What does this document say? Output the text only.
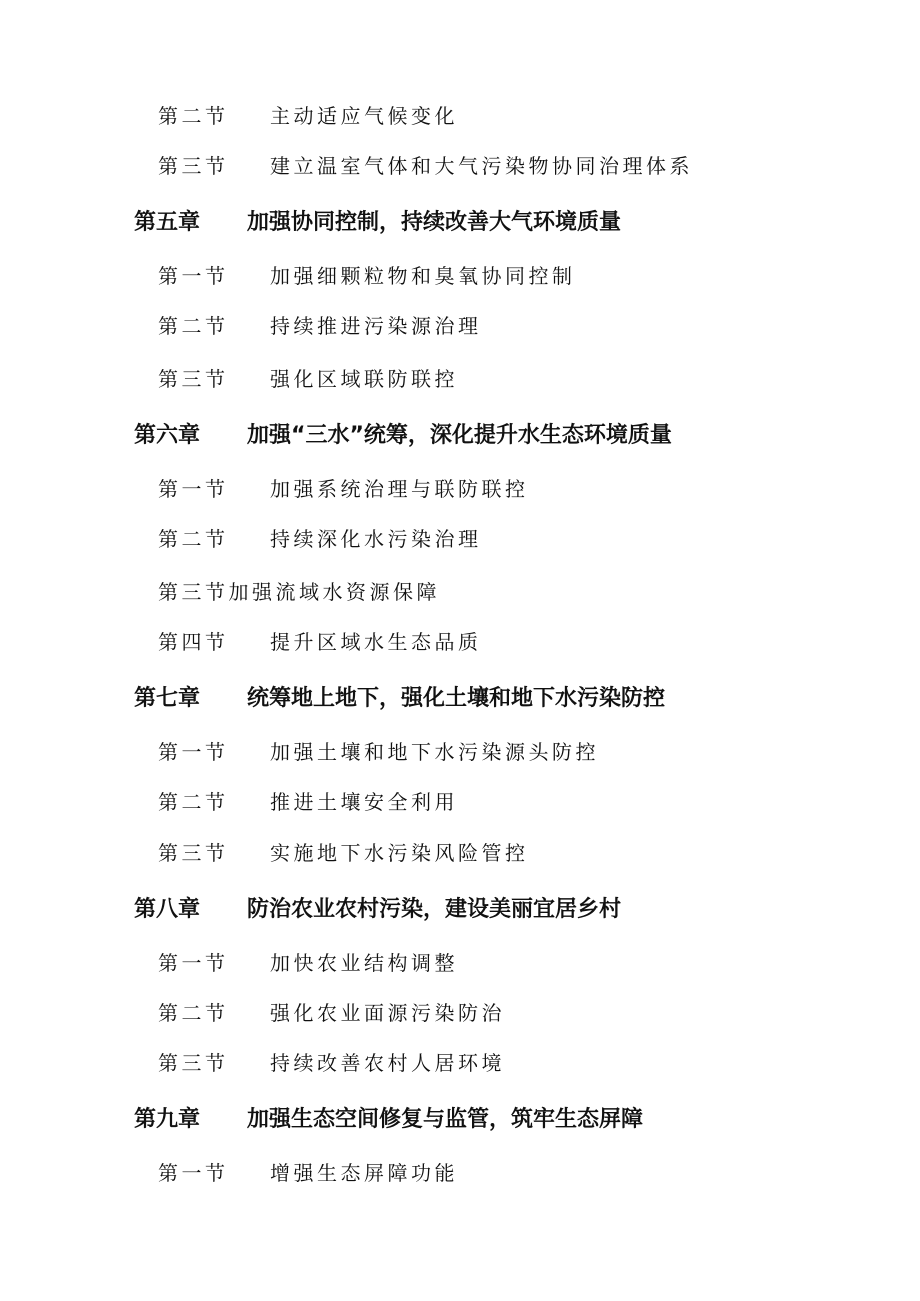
第二节 主动适应气候变化
第三节 建立温室气体和大气污染物协同治理体系
第五章 加强协同控制，持续改善大气环境质量
第一节 加强细颗粒物和臭氧协同控制
第二节 持续推进污染源治理
第三节 强化区域联防联控
第六章 加强“三水”统筹，深化提升水生态环境质量
第一节 加强系统治理与联防联控
第二节 持续深化水污染治理
第三节加强流域水资源保障
第四节 提升区域水生态品质
第七章 统筹地上地下，强化土壤和地下水污染防控
第一节 加强土壤和地下水污染源头防控
第二节 推进土壤安全利用
第三节 实施地下水污染风险管控
第八章 防治农业农村污染，建设美丽宜居乡村
第一节 加快农业结构调整
第二节 强化农业面源污染防治
第三节 持续改善农村人居环境
第九章 加强生态空间修复与监管，筑牢生态屏障
第一节 增强生态屏障功能
